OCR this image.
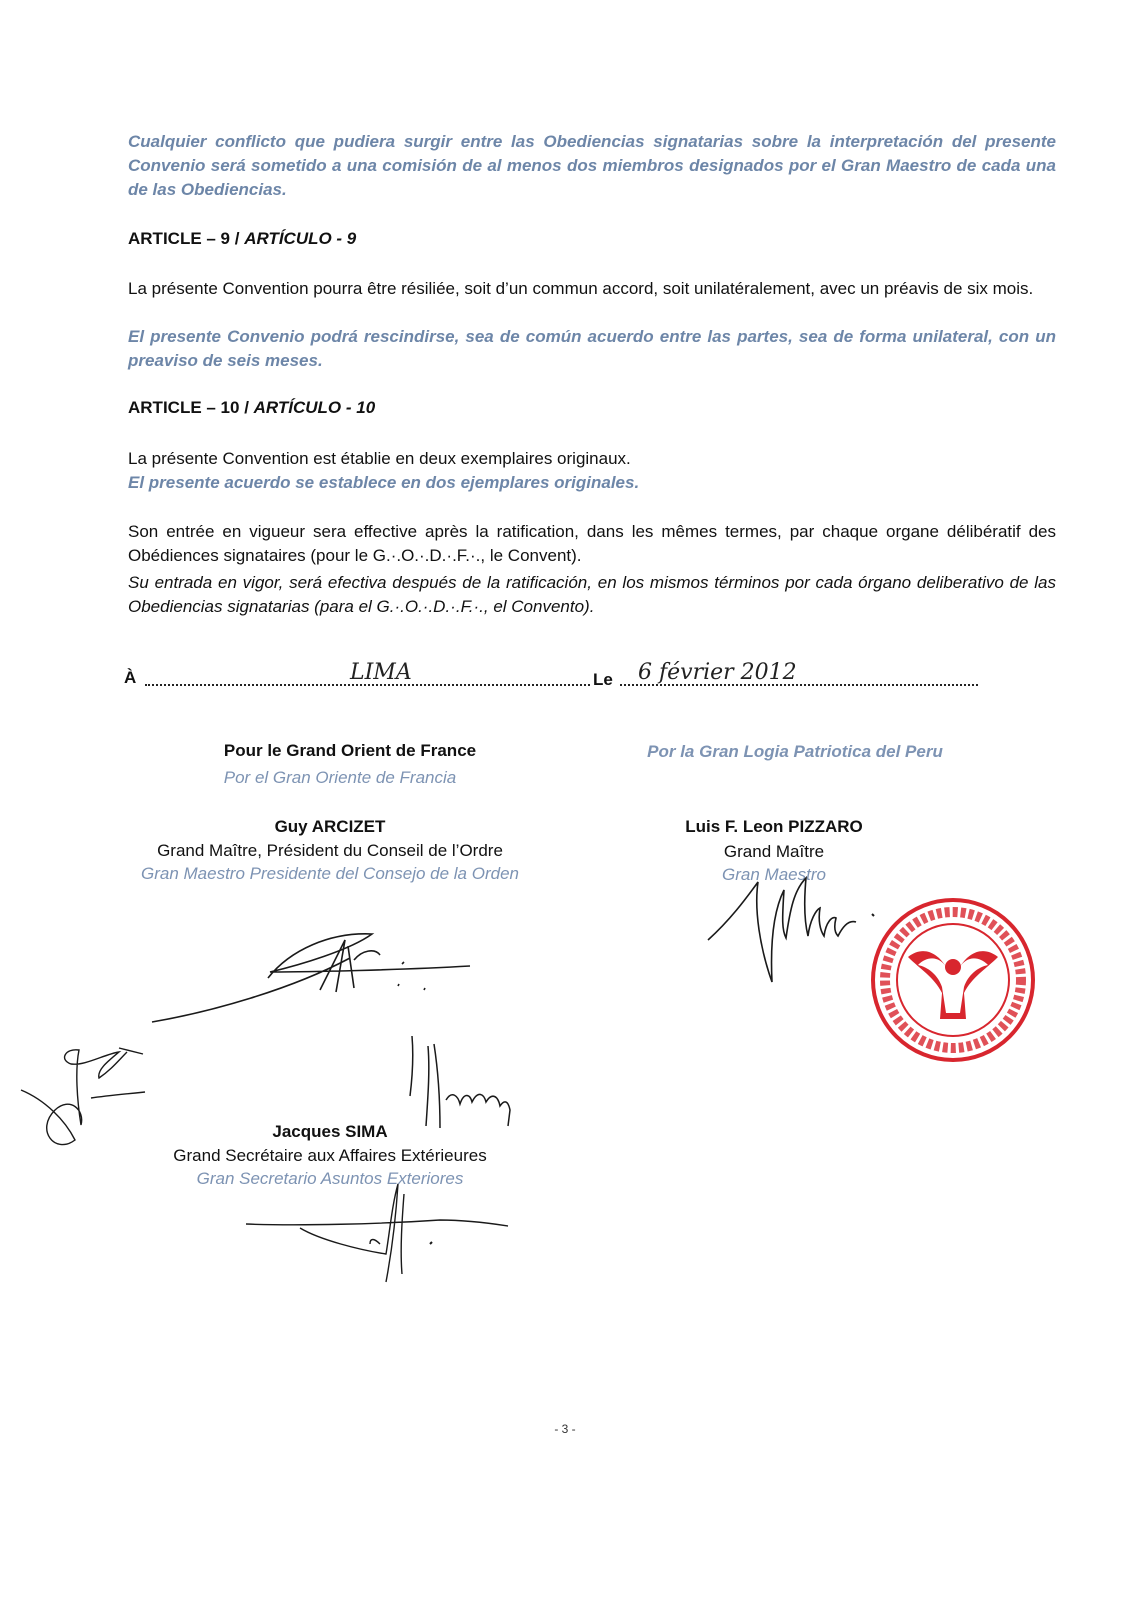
Cualquier conflicto que pudiera surgir entre las Obediencias signatarias sobre la interpretación del presente Convenio será sometido a una comisión de al menos dos miembros designados por el Gran Maestro de cada una de las Obediencias.
ARTICLE – 9 / ARTÍCULO - 9
La présente Convention pourra être résiliée, soit d’un commun accord, soit unilatéralement, avec un préavis de six mois.
El presente Convenio podrá rescindirse, sea de común acuerdo entre las partes, sea de forma unilateral, con un preaviso de seis meses.
ARTICLE – 10 / ARTÍCULO - 10
La présente Convention est établie en deux exemplaires originaux.
El presente acuerdo se establece en dos ejemplares originales.
Son entrée en vigueur sera effective après la ratification, dans les mêmes termes, par chaque organe délibératif des Obédiences signataires (pour le G.·.O.·.D.·.F.·., le Convent).
Su entrada en vigor, será efectiva después de la ratificación, en los mismos términos por cada órgano deliberativo de las Obediencias signatarias (para el G.·.O.·.D.·.F.·., el Convento).
À	LIMA	Le 6 février 2012
Pour le Grand Orient de France
Por el Gran Oriente de Francia
Por la Gran Logia Patriotica del Peru
Guy ARCIZET
Grand Maître, Président du Conseil de l’Ordre
Gran Maestro Presidente del Consejo de la Orden
Luis F. Leon PIZZARO
Grand Maître
Gran Maestro
Jacques SIMA
Grand Secrétaire aux Affaires Extérieures
Gran Secretario Asuntos Exteriores
- 3 -
